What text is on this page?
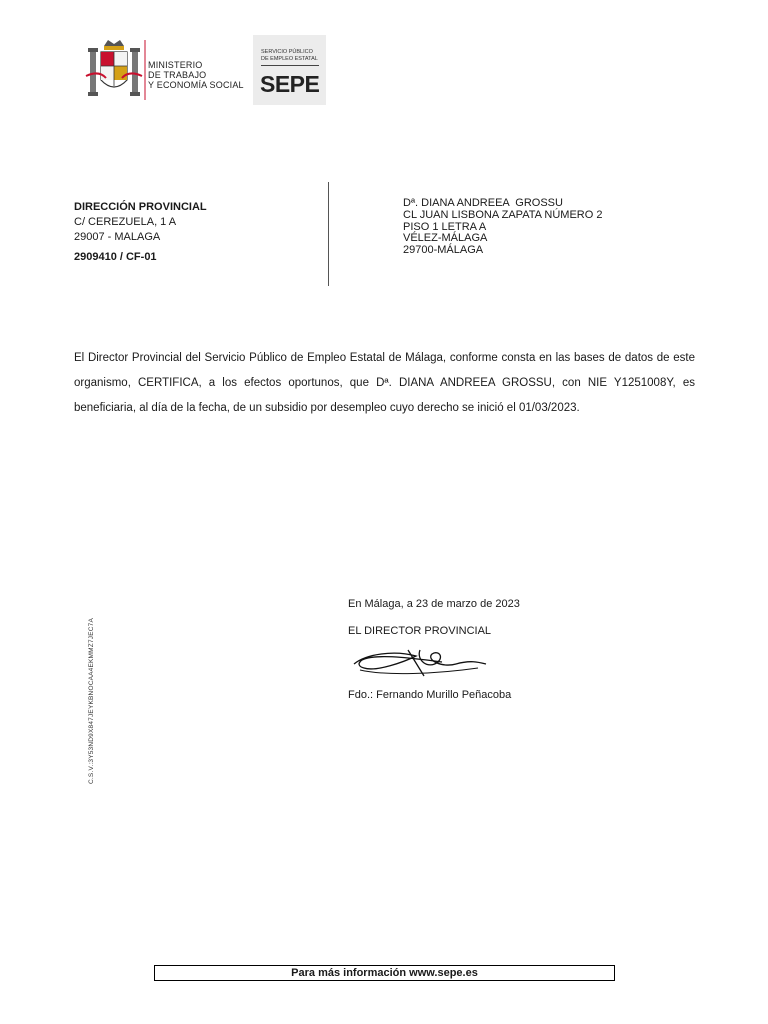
MINISTERIO
DE TRABAJO
Y ECONOMÍA SOCIAL
SERVICIO PÚBLICO
DE EMPLEO ESTATAL
SEPE
DIRECCIÓN PROVINCIAL
C/ CEREZUELA, 1 A
29007 - MALAGA
2909410 / CF-01
Dª. DIANA ANDREEA  GROSSU
CL JUAN LISBONA ZAPATA NÚMERO 2
PISO 1 LETRA A
VÉLEZ-MÁLAGA
29700-MÁLAGA
El Director Provincial del Servicio Público de Empleo Estatal de Málaga, conforme consta en las bases de datos de este organismo, CERTIFICA, a los efectos oportunos, que Dª. DIANA ANDREEA GROSSU, con NIE Y1251008Y, es beneficiaria, al día de la fecha, de un subsidio por desempleo cuyo derecho se inició el 01/03/2023.
En Málaga, a 23 de marzo de 2023
EL DIRECTOR PROVINCIAL
Fdo.: Fernando Murillo Peñacoba
C.S.V.:3Y53ND9X847JEYKBNOCAA4EKMMZ7JEC7A
Para más información www.sepe.es
